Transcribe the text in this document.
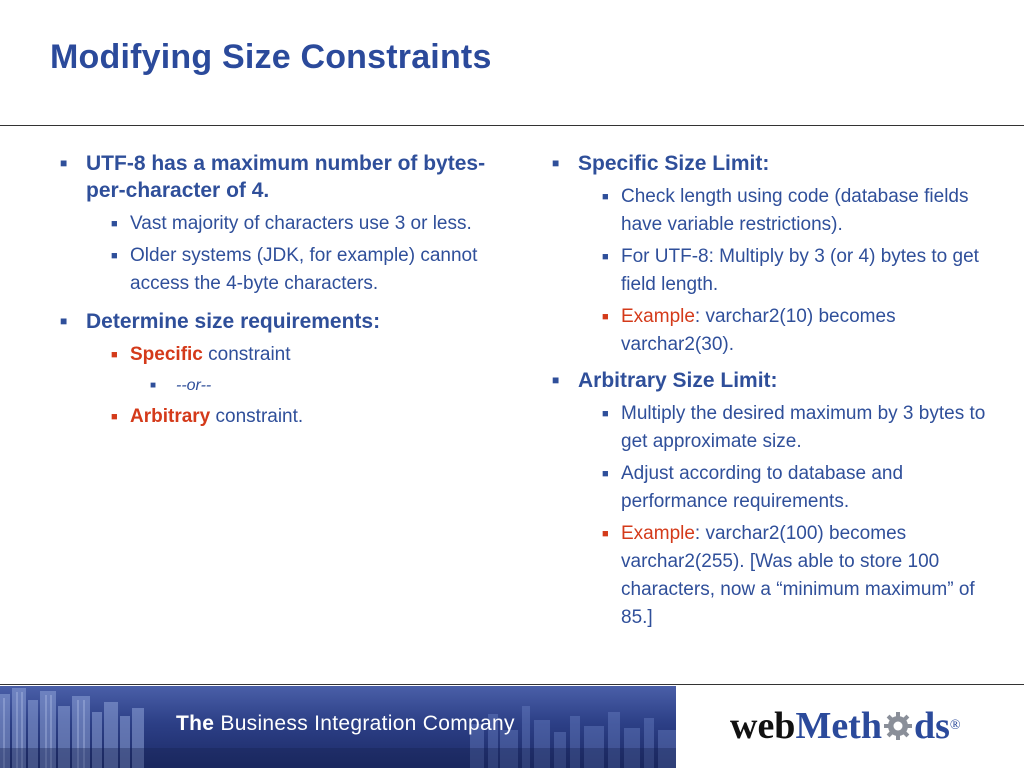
Modifying Size Constraints
■ UTF-8 has a maximum number of bytes-per-character of 4.
■ Vast majority of characters use 3 or less.
■ Older systems (JDK, for example) cannot access the 4-byte characters.
■ Determine size requirements:
■ Specific constraint
■ --or--
■ Arbitrary constraint.
■ Specific Size Limit:
■ Check length using code (database fields have variable restrictions).
■ For UTF-8: Multiply by 3 (or 4) bytes to get field length.
■ Example: varchar2(10) becomes varchar2(30).
■ Arbitrary Size Limit:
■ Multiply the desired maximum by 3 bytes to get approximate size.
■ Adjust according to database and performance requirements.
■ Example: varchar2(100) becomes varchar2(255). [Was able to store 100 characters, now a “minimum maximum” of 85.]
The Business Integration Company	webMeth ds®
